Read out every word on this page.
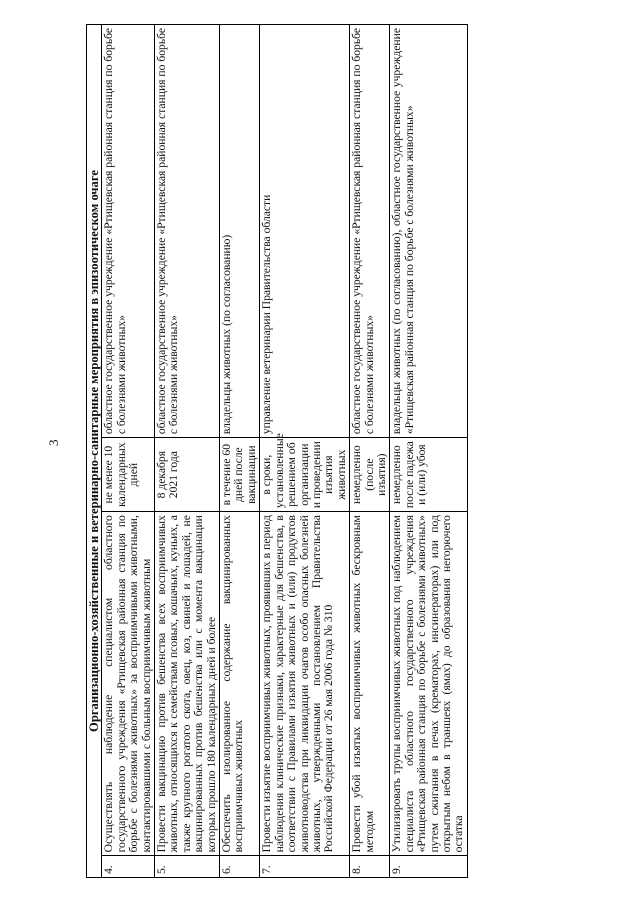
3 Организационно-хозяйственные и ветеринарно-санитарные мероприятия в эпизоотическом очаге			
4.	Осуществлять наблюдение специалистом областного государственного учреждения «Ртищевская районная станция по борьбе с болезнями животных» за восприимчивыми животными, контактировавшими с больным восприимчивым животным	не менее 10 календарных дней	областное государственное учреждение «Ртищевская районная станция по борьбе с болезнями животных»
5.	Провести вакцинацию против бешенства всех восприимчивых животных, относящихся к семействам псовых, кошачьих, куньих, а также крупного рогатого скота, овец, коз, свиней и лошадей, не вакцинированных против бешенства или с момента вакцинации которых прошло 180 календарных дней и более	8 декабря 2021 года	областное государственное учреждение «Ртищевская районная станция по борьбе с болезнями животных»
6.	Обеспечить изолированное содержание вакцинированных восприимчивых животных	в течение 60 дней после вакцинации	владельцы животных (по согласованию)
7.	Провести изъятие восприимчивых животных, проявивших в период наблюдения клинические признаки, характерные для бешенства, в соответствии с Правилами изъятия животных и (или) продуктов животноводства при ликвидации очагов особо опасных болезней животных, утвержденными постановлением Правительства Российской Федерации от 26 мая 2006 года № 310	в сроки, установленные решением об организации и проведении изъятия животных	управление ветеринарии Правительства области
8.	Провести убой изъятых восприимчивых животных бескровным методом	немедленно (после изъятия)	областное государственное учреждение «Ртищевская районная станция по борьбе с болезнями животных»
9.	Утилизировать трупы восприимчивых животных под наблюдением специалиста областного государственного учреждения «Ртищевская районная станция по борьбе с болезнями животных» путем сжигания в печах (крематорах, инсинераторах) или под открытым небом в траншеях (ямах) до образования негорючего остатка	немедленно после падежа и (или) убоя	владельцы животных (по согласованию), областное государственное учреждение «Ртищевская районная станция по борьбе с болезнями животных»
